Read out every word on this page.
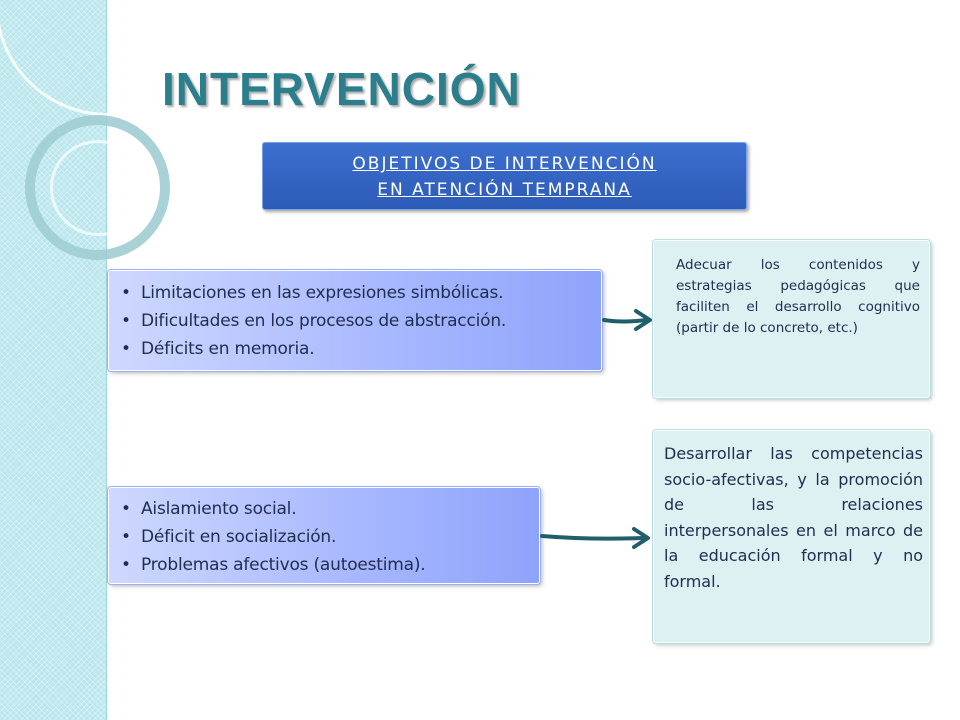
INTERVENCIÓN
OBJETIVOS DE INTERVENCIÓN
EN ATENCIÓN TEMPRANA
• Limitaciones en las expresiones simbólicas.
• Dificultades en los procesos de abstracción.
• Déficits en memoria.
Adecuar los contenidos y estrategias pedagógicas que faciliten el desarrollo cognitivo (partir de lo concreto, etc.)
• Aislamiento social.
• Déficit en socialización.
• Problemas afectivos (autoestima).
Desarrollar las competencias socio-afectivas, y la promoción de las relaciones interpersonales en el marco de la educación formal y no formal.
